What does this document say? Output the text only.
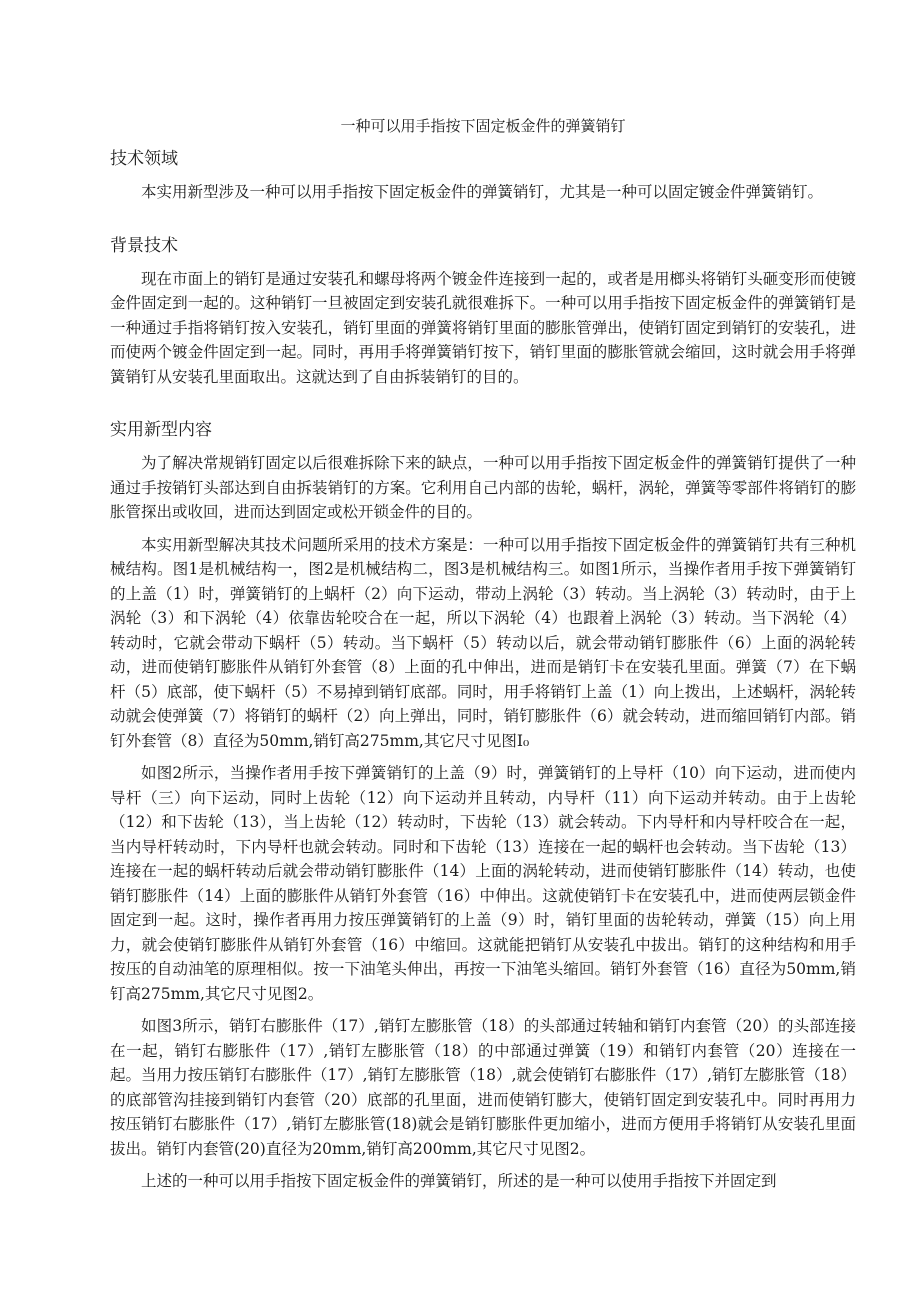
一种可以用手指按下固定板金件的弹簧销钉
技术领域

本实用新型涉及一种可以用手指按下固定板金件的弹簧销钉，尤其是一种可以固定镀金件弹簧销钉。

背景技术

现在市面上的销钉是通过安装孔和螺母将两个镀金件连接到一起的，或者是用榔头将销钉头砸变形而使镀金件固定到一起的。这种销钉一旦被固定到安装孔就很难拆下。一种可以用手指按下固定板金件的弹簧销钉是一种通过手指将销钉按入安装孔，销钉里面的弹簧将销钉里面的膨胀管弹出，使销钉固定到销钉的安装孔，进而使两个镀金件固定到一起。同时，再用手将弹簧销钉按下，销钉里面的膨胀管就会缩回，这时就会用手将弹簧销钉从安装孔里面取出。这就达到了自由拆装销钉的目的。

实用新型内容

为了解决常规销钉固定以后很难拆除下来的缺点，一种可以用手指按下固定板金件的弹簧销钉提供了一种通过手按销钉头部达到自由拆装销钉的方案。它利用自己内部的齿轮，蜗杆，涡轮，弹簧等零部件将销钉的膨胀管探出或收回，进而达到固定或松开锁金件的目的。

本实用新型解决其技术问题所采用的技术方案是：一种可以用手指按下固定板金件的弹簧销钉共有三种机械结构。图1是机械结构一，图2是机械结构二，图3是机械结构三。如图1所示，当操作者用手按下弹簧销钉的上盖（1）时，弹簧销钉的上蜗杆（2）向下运动，带动上涡轮（3）转动。当上涡轮（3）转动时，由于上涡轮（3）和下涡轮（4）依靠齿轮咬合在一起，所以下涡轮（4）也跟着上涡轮（3）转动。当下涡轮（4）转动时，它就会带动下蜗杆（5）转动。当下蜗杆（5）转动以后，就会带动销钉膨胀件（6）上面的涡轮转动，进而使销钉膨胀件从销钉外套管（8）上面的孔中伸出，进而是销钉卡在安装孔里面。弹簧（7）在下蜗杆（5）底部，使下蜗杆（5）不易掉到销钉底部。同时，用手将销钉上盖（1）向上拨出，上述蜗杆，涡轮转动就会使弹簧（7）将销钉的蜗杆（2）向上弹出，同时，销钉膨胀件（6）就会转动，进而缩回销钉内部。销钉外套管（8）直径为50mm,销钉高275mm,其它尺寸见图I₀

如图2所示，当操作者用手按下弹簧销钉的上盖（9）时，弹簧销钉的上导杆（10）向下运动，进而使内导杆（三）向下运动，同时上齿轮（12）向下运动并且转动，内导杆（11）向下运动并转动。由于上齿轮（12）和下齿轮（13），当上齿轮（12）转动时，下齿轮（13）就会转动。下内导杆和内导杆咬合在一起，当内导杆转动时，下内导杆也就会转动。同时和下齿轮（13）连接在一起的蜗杆也会转动。当下齿轮（13）连接在一起的蜗杆转动后就会带动销钉膨胀件（14）上面的涡轮转动，进而使销钉膨胀件（14）转动，也使销钉膨胀件（14）上面的膨胀件从销钉外套管（16）中伸出。这就使销钉卡在安装孔中，进而使两层锁金件固定到一起。这时，操作者再用力按压弹簧销钉的上盖（9）时，销钉里面的齿轮转动，弹簧（15）向上用力，就会使销钉膨胀件从销钉外套管（16）中缩回。这就能把销钉从安装孔中拔出。销钉的这种结构和用手按压的自动油笔的原理相似。按一下油笔头伸出，再按一下油笔头缩回。销钉外套管（16）直径为50mm,销钉高275mm,其它尺寸见图2。

如图3所示，销钉右膨胀件（17）,销钉左膨胀管（18）的头部通过转轴和销钉内套管（20）的头部连接在一起，销钉右膨胀件（17）,销钉左膨胀管（18）的中部通过弹簧（19）和销钉内套管（20）连接在一起。当用力按压销钉右膨胀件（17）,销钉左膨胀管（18）,就会使销钉右膨胀件（17）,销钉左膨胀管（18）的底部管沟挂接到销钉内套管（20）底部的孔里面，进而使销钉膨大，使销钉固定到安装孔中。同时再用力按压销钉右膨胀件（17）,销钉左膨胀管(18)就会是销钉膨胀件更加缩小，进而方便用手将销钉从安装孔里面拔出。销钉内套管(20)直径为20mm,销钉高200mm,其它尺寸见图2。

上述的一种可以用手指按下固定板金件的弹簧销钉，所述的是一种可以使用手指按下并固定到
